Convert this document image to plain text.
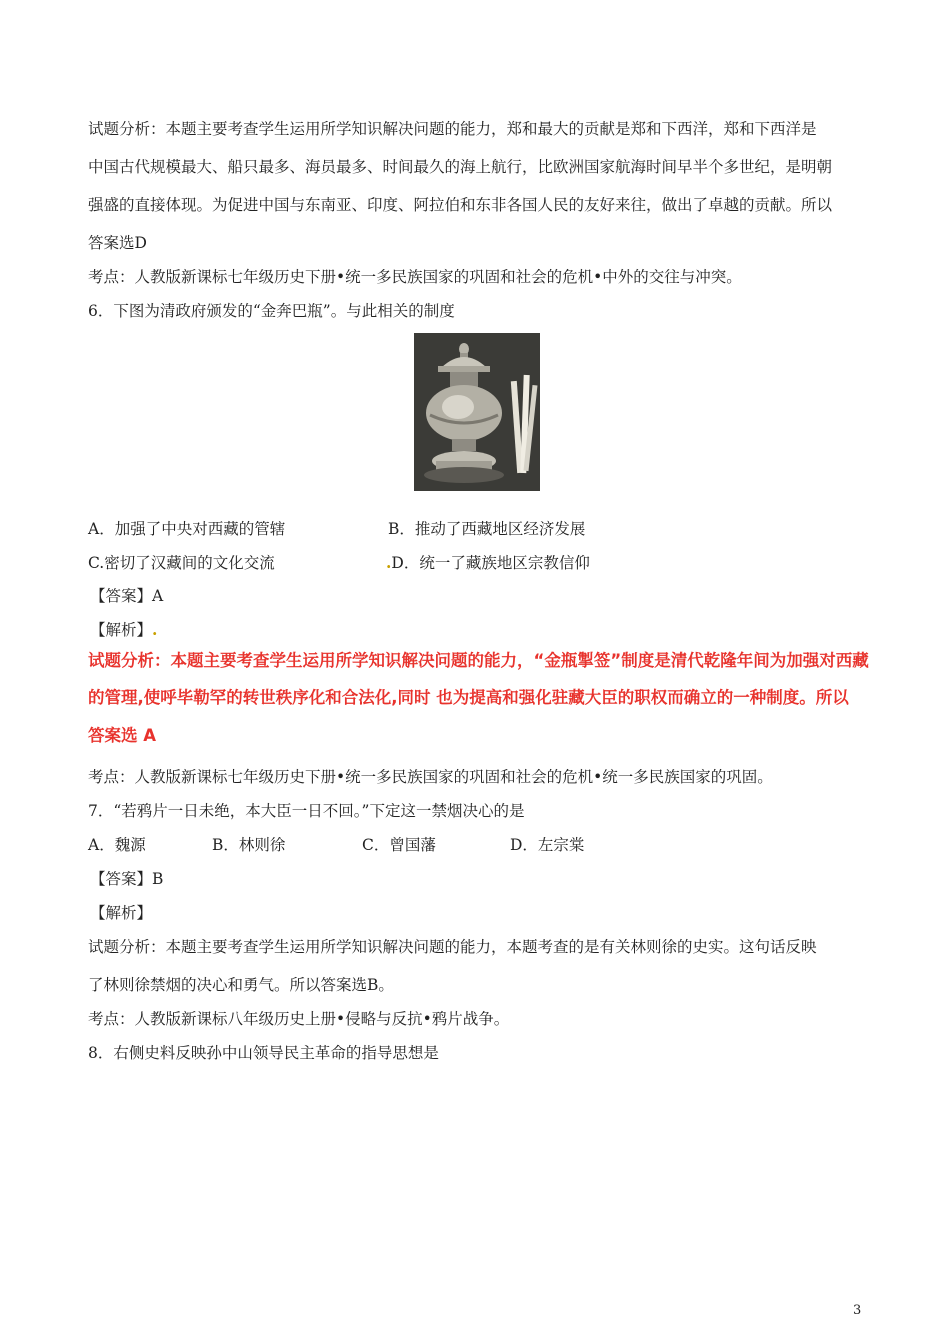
试题分析：本题主要考查学生运用所学知识解决问题的能力，郑和最大的贡献是郑和下西洋，郑和下西洋是
中国古代规模最大、船只最多、海员最多、时间最久的海上航行，比欧洲国家航海时间早半个多世纪，是明朝
强盛的直接体现。为促进中国与东南亚、印度、阿拉伯和东非各国人民的友好来往，做出了卓越的贡献。所以
答案选D
考点：人教版新课标七年级历史下册•统一多民族国家的巩固和社会的危机•中外的交往与冲突。
6．下图为清政府颁发的“金奔巴瓶”。与此相关的制度
A．加强了中央对西藏的管辖	B．推动了西藏地区经济发展
C.密切了汉藏间的文化交流	.D．统一了藏族地区宗教信仰
【答案】A
【解析】.
试题分析：本题主要考查学生运用所学知识解决问题的能力，“金瓶掣签”制度是清代乾隆年间为加强对西藏
的管理,使呼毕勒罕的转世秩序化和合法化,同时 也为提高和强化驻藏大臣的职权而确立的一种制度。所以
答案选 A
考点：人教版新课标七年级历史下册•统一多民族国家的巩固和社会的危机•统一多民族国家的巩固。
7．“若鸦片一日未绝，本大臣一日不回。”下定这一禁烟决心的是
A．魏源	B．林则徐	C．曾国藩	D．左宗棠
【答案】B
【解析】
试题分析：本题主要考查学生运用所学知识解决问题的能力，本题考查的是有关林则徐的史实。这句话反映
了林则徐禁烟的决心和勇气。所以答案选B。
考点：人教版新课标八年级历史上册•侵略与反抗•鸦片战争。
8．右侧史料反映孙中山领导民主革命的指导思想是
3
